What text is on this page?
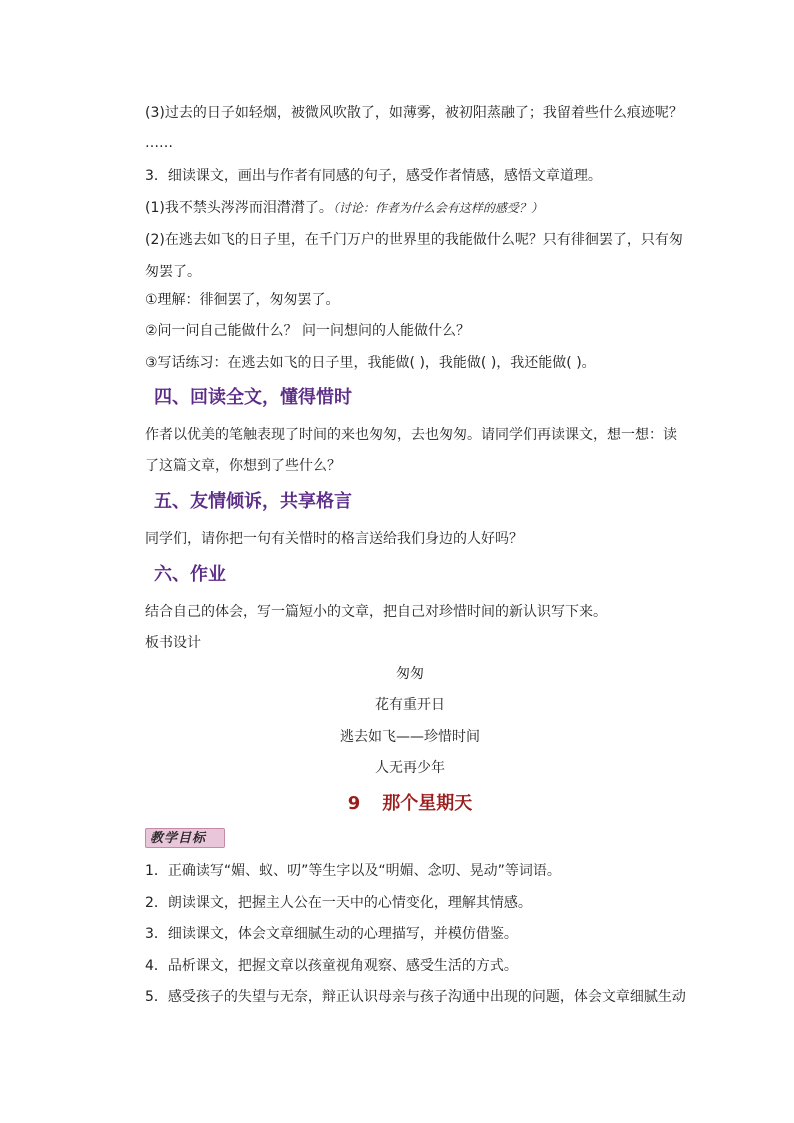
(3)过去的日子如轻烟，被微风吹散了，如薄雾，被初阳蒸融了；我留着些什么痕迹呢？
……
3．细读课文，画出与作者有同感的句子，感受作者情感，感悟文章道理。
(1)我不禁头涔涔而泪潸潸了。（讨论：作者为什么会有这样的感受？）
(2)在逃去如飞的日子里，在千门万户的世界里的我能做什么呢？只有徘徊罢了，只有匆
匆罢了。
①理解：徘徊罢了，匆匆罢了。
②问一问自己能做什么？ 问一问想问的人能做什么？
③写话练习：在逃去如飞的日子里，我能做( )，我能做( )，我还能做( )。
四、回读全文，懂得惜时
作者以优美的笔触表现了时间的来也匆匆，去也匆匆。请同学们再读课文，想一想：读
了这篇文章，你想到了些什么？
五、友情倾诉，共享格言
同学们，请你把一句有关惜时的格言送给我们身边的人好吗？
六、作业
结合自己的体会，写一篇短小的文章，把自己对珍惜时间的新认识写下来。
板书设计
匆匆
花有重开日
逃去如飞——珍惜时间
人无再少年
9 那个星期天
教学目标
1．正确读写“媚、蚁、叨”等生字以及“明媚、念叨、晃动”等词语。
2．朗读课文，把握主人公在一天中的心情变化，理解其情感。
3．细读课文，体会文章细腻生动的心理描写，并模仿借鉴。
4．品析课文，把握文章以孩童视角观察、感受生活的方式。
5．感受孩子的失望与无奈，辩正认识母亲与孩子沟通中出现的问题，体会文章细腻生动
